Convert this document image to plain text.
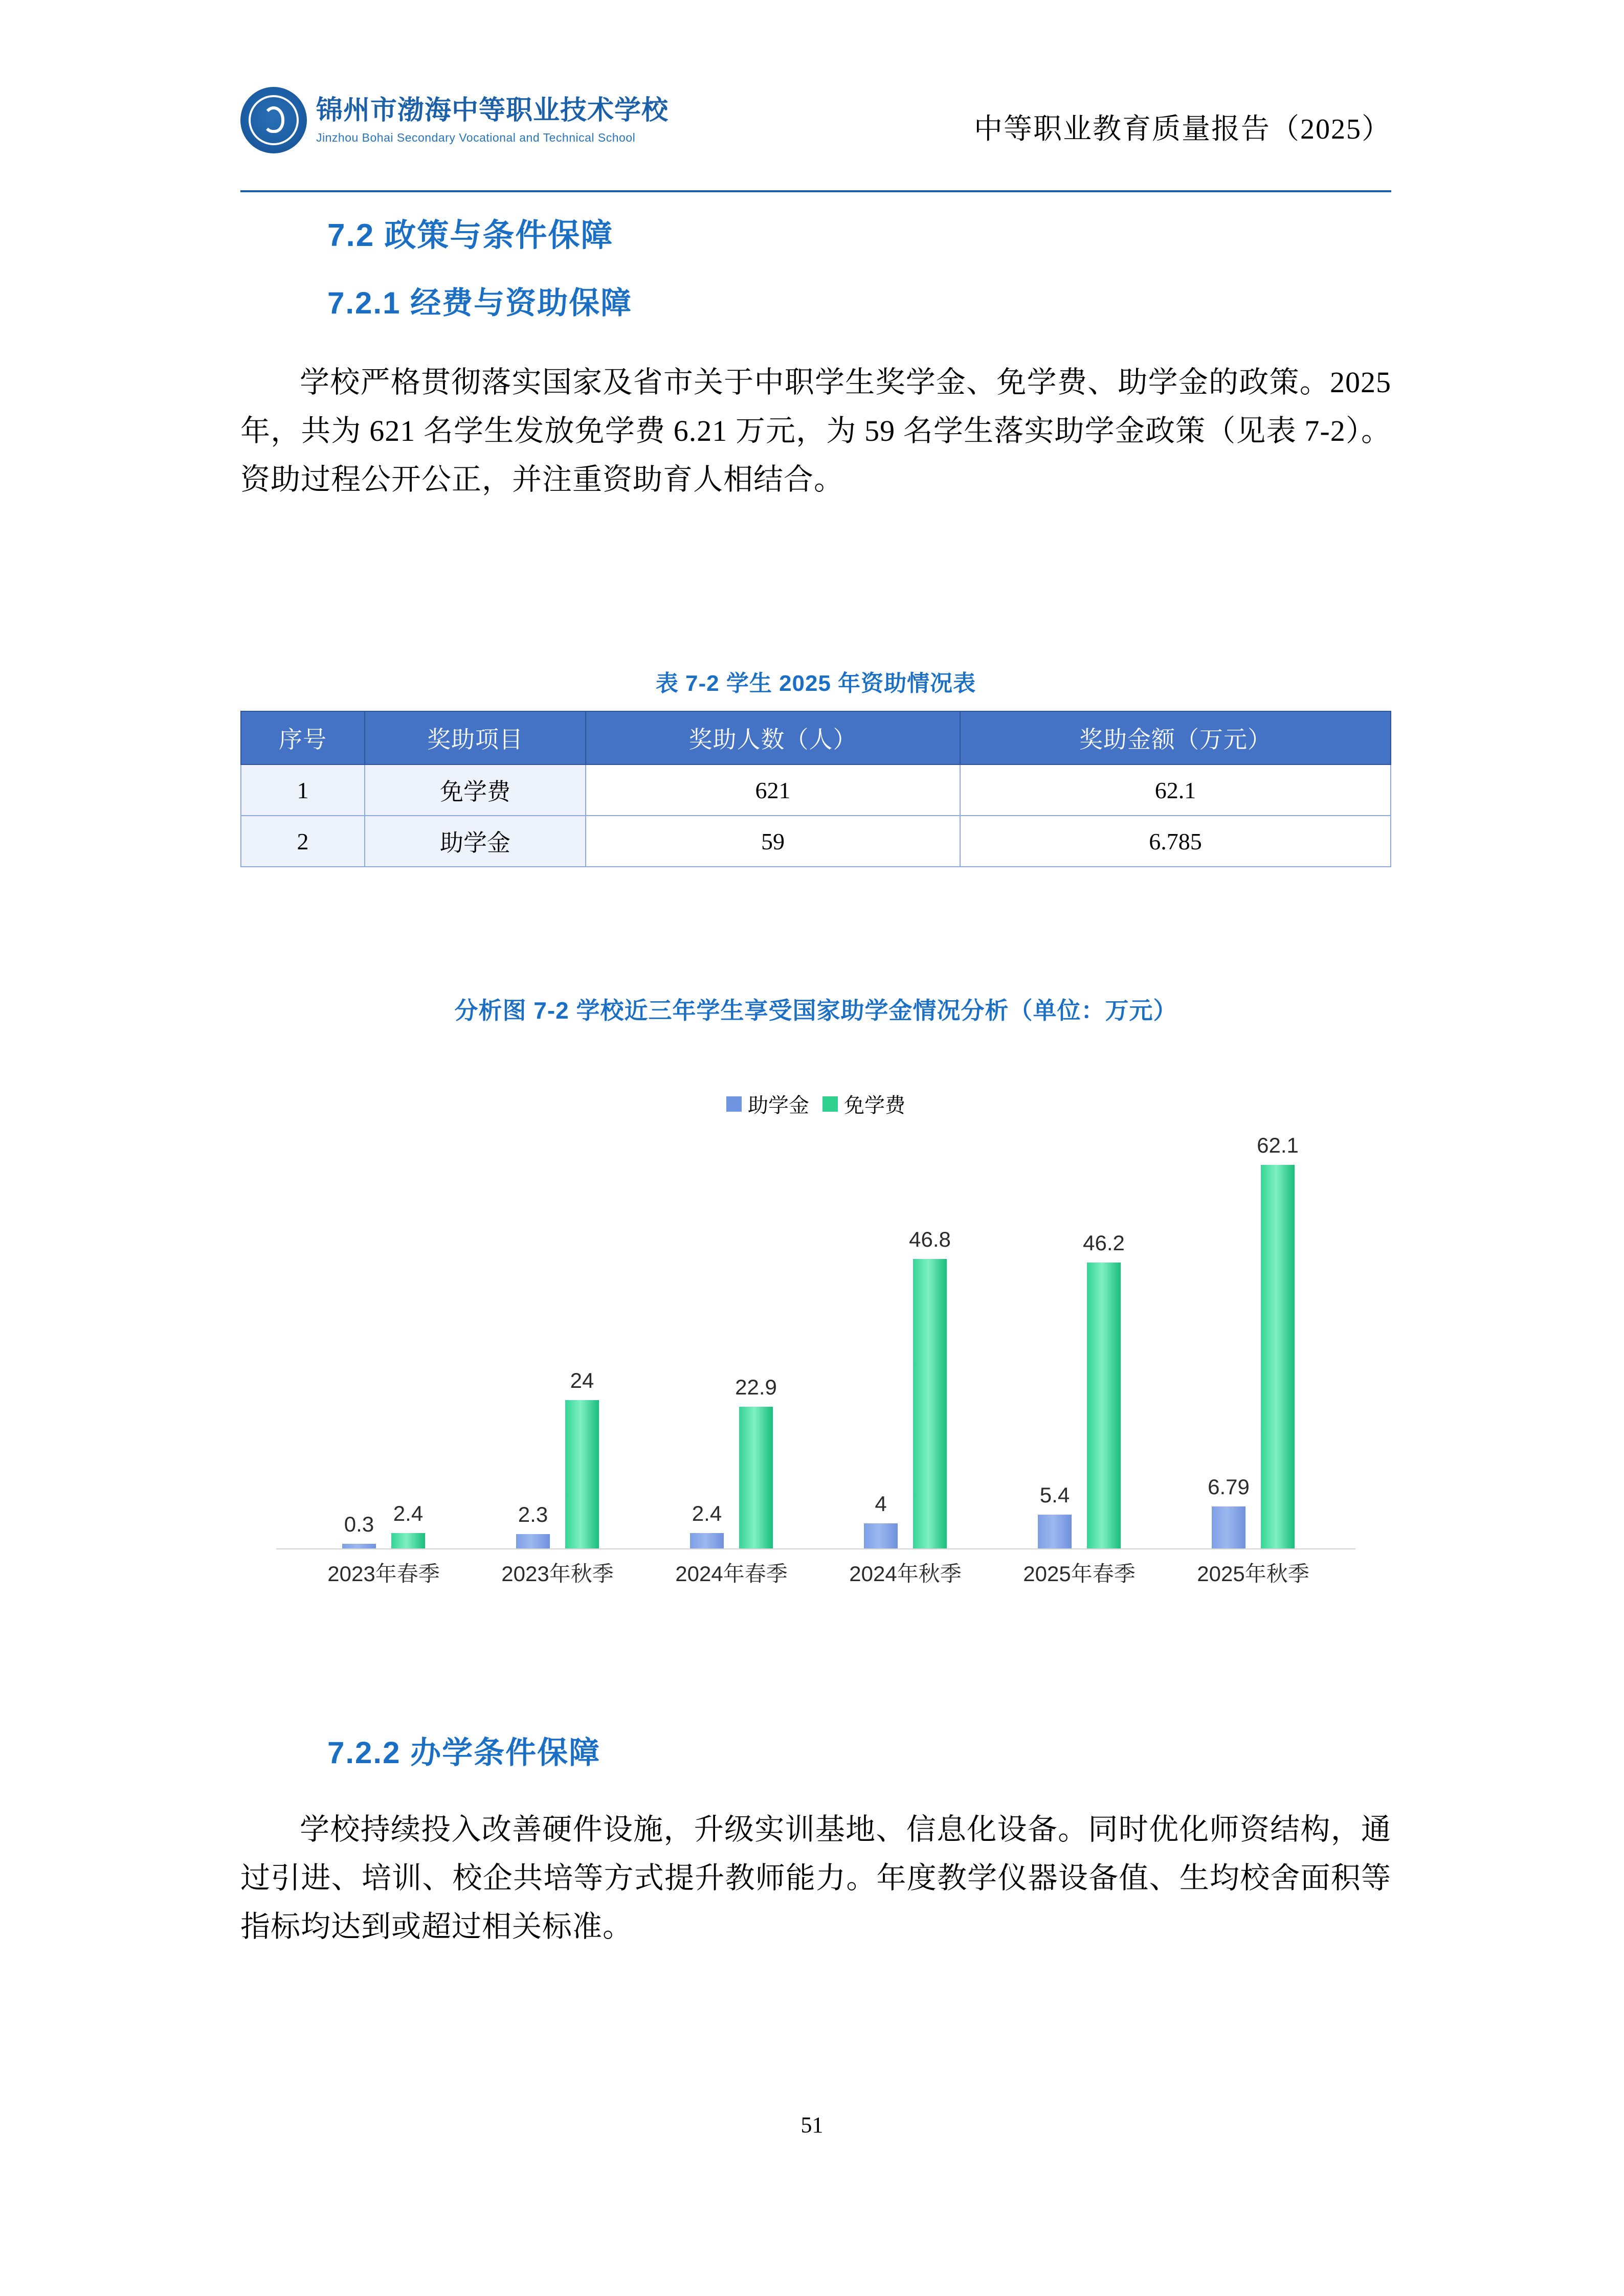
锦州市渤海中等职业技术学校
Jinzhou Bohai Secondary Vocational and Technical School	中等职业教育质量报告（2025）
7.2 政策与条件保障
7.2.1 经费与资助保障
学校严格贯彻落实国家及省市关于中职学生奖学金、免学费、助学金的政策。2025 年，共为 621 名学生发放免学费 6.21 万元，为 59 名学生落实助学金政策（见表 7-2）。资助过程公开公正，并注重资助育人相结合。
表 7-2 学生 2025 年资助情况表
序号	奖助项目	奖助人数（人）	奖助金额（万元）
1	免学费	621	62.1
2	助学金	59	6.785
分析图 7-2 学校近三年学生享受国家助学金情况分析（单位：万元）
助学金 免学费
0.3 2.4
2023年春季
2.3
24
2023年秋季
2.4
22.9
2024年春季
4
46.8
2024年秋季
5.4
46.2
2025年春季
6.79
62.1
2025年秋季
7.2.2 办学条件保障
学校持续投入改善硬件设施，升级实训基地、信息化设备。同时优化师资结构，通过引进、培训、校企共培等方式提升教师能力。年度教学仪器设备值、生均校舍面积等指标均达到或超过相关标准。
51
